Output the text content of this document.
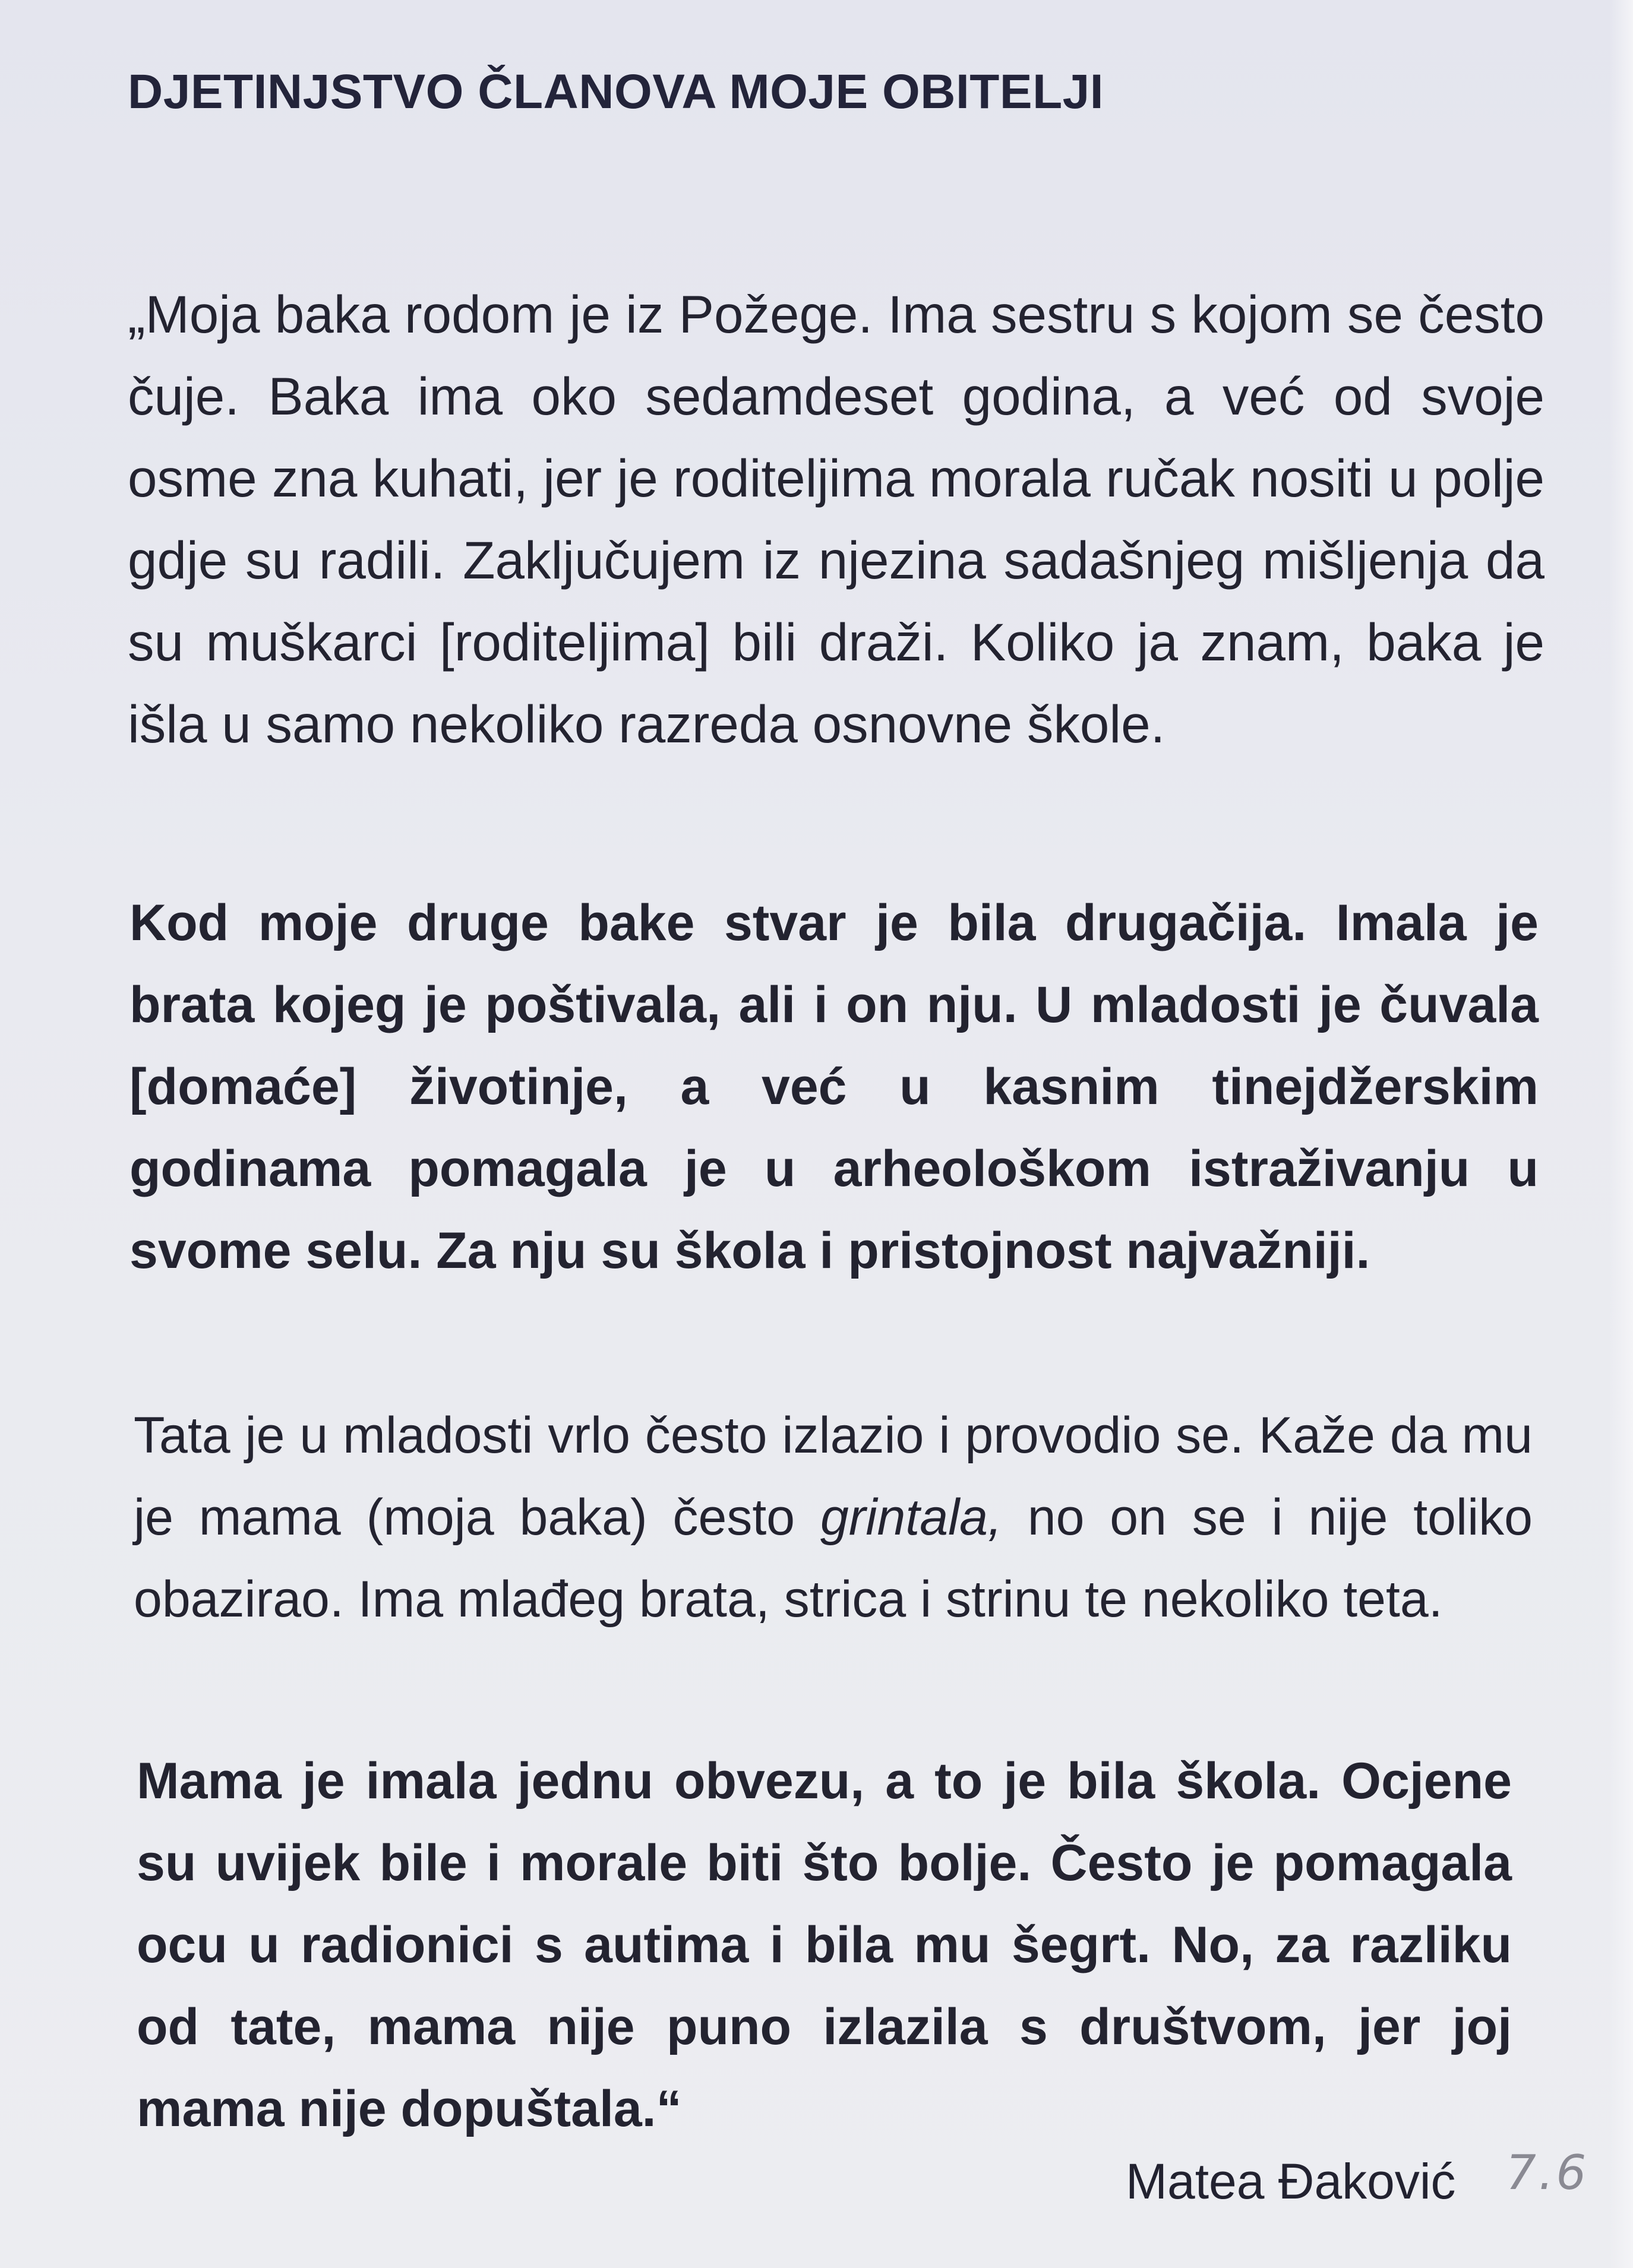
DJETINJSTVO ČLANOVA MOJE OBITELJI

„Moja baka rodom je iz Požege. Ima sestru s kojom se često čuje. Baka ima oko sedamdeset godina, a već od svoje osme zna kuhati, jer je roditeljima morala ručak nositi u polje gdje su radili. Zaključujem iz njezina sadašnjeg mišljenja da su muškarci [roditeljima] bili draži. Koliko ja znam, baka je išla u samo nekoliko razreda osnovne škole.

Kod moje druge bake stvar je bila drugačija. Imala je brata kojeg je poštivala, ali i on nju. U mladosti je čuvala [domaće] životinje, a već u kasnim tinejdžerskim godinama pomagala je u arheološkom istraživanju u svome selu. Za nju su škola i pristojnost najvažniji.

Tata je u mladosti vrlo često izlazio i provodio se. Kaže da mu je mama (moja baka) često grintala, no on se i nije toliko obazirao. Ima mlađeg brata, strica i strinu te nekoliko teta.

Mama je imala jednu obvezu, a to je bila škola. Ocjene su uvijek bile i morale biti što bolje. Često je pomagala ocu u radionici s autima i bila mu šegrt. No, za razliku od tate, mama nije puno izlazila s društvom, jer joj mama nije dopuštala.“

Matea Đaković 7.6
